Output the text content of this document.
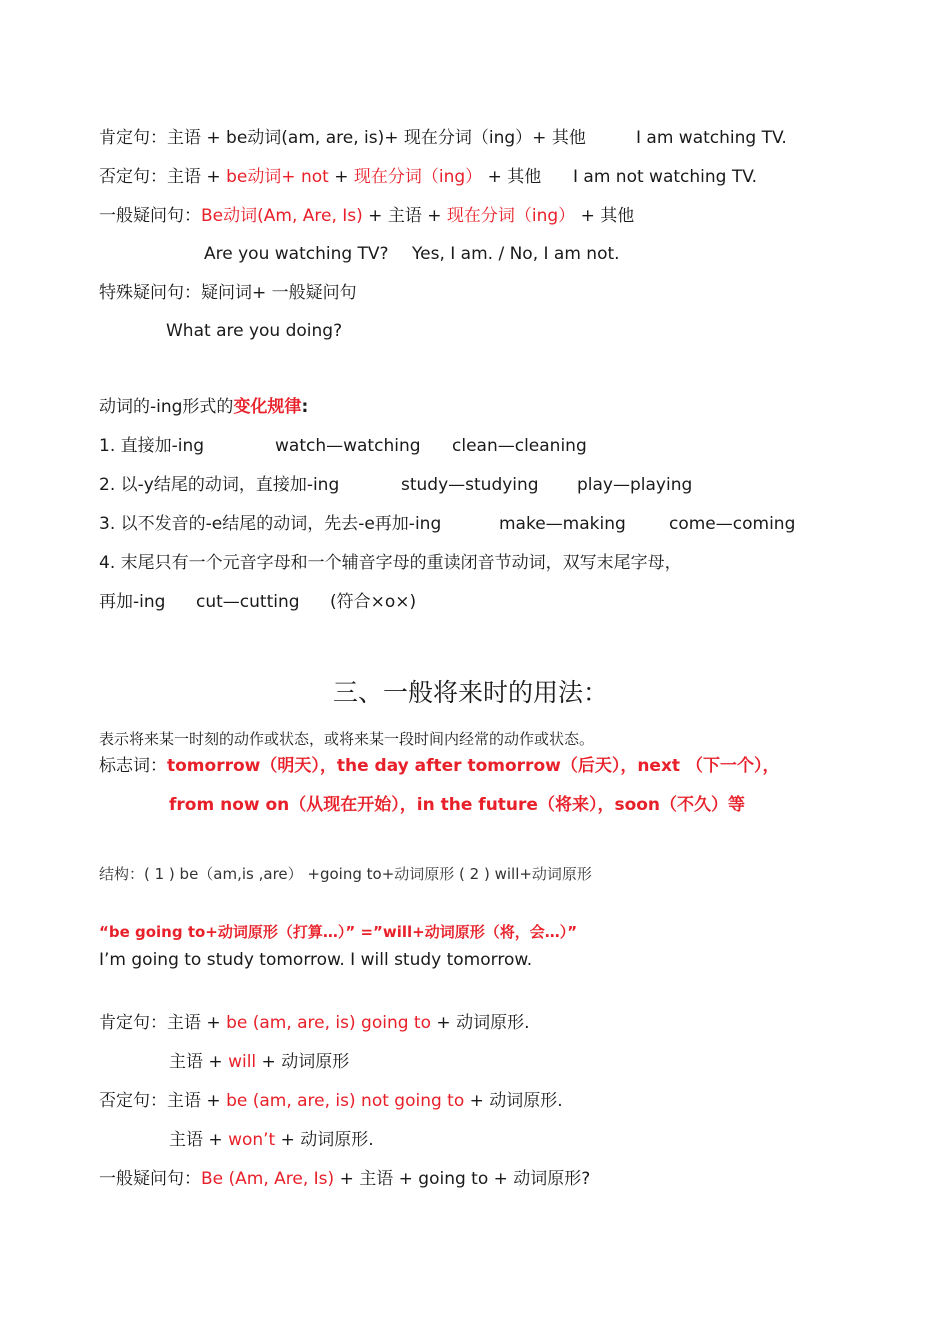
肯定句：主语 + be动词(am, are, is)+ 现在分词（ing）+ 其他	I am watching TV.
否定句：主语 + be动词+ not + 现在分词（ing） + 其他 I am not watching TV.
一般疑问句：Be动词(Am, Are, Is) + 主语 + 现在分词（ing） + 其他
Are you watching TV? Yes, I am. / No, I am not.
特殊疑问句：疑问词+ 一般疑问句
What are you doing?
动词的-ing形式的变化规律:
1. 直接加-ing	watch—watching clean—cleaning
2. 以-y结尾的动词，直接加-ing	study—studying play—playing
3. 以不发音的-e结尾的动词，先去-e再加-ing	make—making	come—coming
4. 末尾只有一个元音字母和一个辅音字母的重读闭音节动词，双写末尾字母，
再加-ing cut—cutting (符合×o×)
三、一般将来时的用法：
表示将来某一时刻的动作或状态，或将来某一段时间内经常的动作或状态。
标志词：tomorrow（明天），the day after tomorrow（后天），next （下一个），
from now on（从现在开始），in the future（将来），soon（不久）等
结构：( 1 ) be（am,is ,are） +going to+动词原形 ( 2 ) will+动词原形
“be going to+动词原形（打算…）” =”will+动词原形（将，会…）”
I’m going to study tomorrow. I will study tomorrow.
肯定句：主语 + be (am, are, is) going to + 动词原形.
主语 + will + 动词原形
否定句：主语 + be (am, are, is) not going to + 动词原形.
主语 + won’t + 动词原形.
一般疑问句：Be (Am, Are, Is) + 主语 + going to + 动词原形?
